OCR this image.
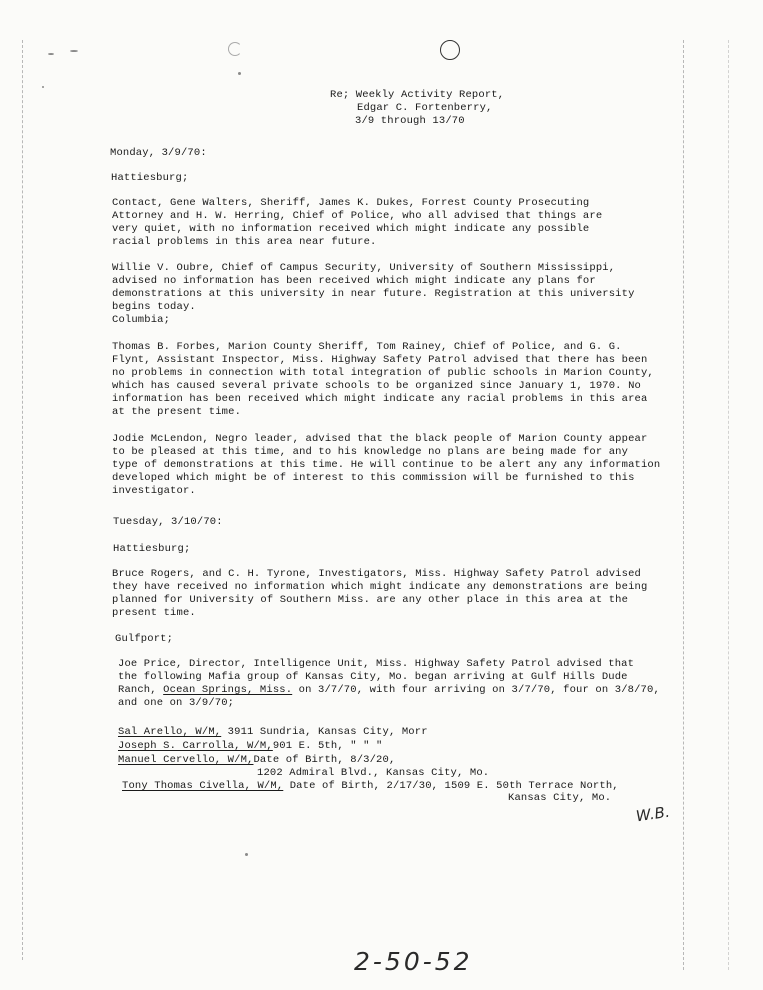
Re; Weekly Activity Report,

Edgar C. Fortenberry,

3/9 through 13/70

Monday, 3/9/70:

Hattiesburg;

Contact, Gene Walters, Sheriff, James K. Dukes, Forrest County Prosecuting
Attorney and H. W. Herring, Chief of Police, who all advised that things are
very quiet, with no information received which might indicate any possible
racial problems in this area near future.
Willie V. Oubre, Chief of Campus Security, University of Southern Mississippi,
advised no information has been received which might indicate any plans for
demonstrations at this university in near future. Registration at this university
begins today.
Columbia;
Thomas B. Forbes, Marion County Sheriff, Tom Rainey, Chief of Police, and G. G.
Flynt, Assistant Inspector, Miss. Highway Safety Patrol advised that there has been
no problems in connection with total integration of public schools in Marion County,
which has caused several private schools to be organized since January 1, 1970. No
information has been received which might indicate any racial problems in this area
at the present time.
Jodie McLendon, Negro leader, advised that the black people of Marion County appear
to be pleased at this time, and to his knowledge no plans are being made for any
type of demonstrations at this time. He will continue to be alert any any information
developed which might be of interest to this commission will be furnished to this
investigator.

Tuesday, 3/10/70:

Hattiesburg;

Bruce Rogers, and C. H. Tyrone, Investigators, Miss. Highway Safety Patrol advised
they have received no information which might indicate any demonstrations are being
planned for University of Southern Miss. are any other place in this area at the
present time.

Gulfport;

Joe Price, Director, Intelligence Unit, Miss. Highway Safety Patrol advised that
the following Mafia group of Kansas City, Mo. began arriving at Gulf Hills Dude
Ranch, Ocean Springs, Miss. on 3/7/70, with four arriving on 3/7/70, four on 3/8/70,
and one on 3/9/70;

Sal Arello, W/M, 3911 Sundria, Kansas City, Morr

Joseph S. Carrolla, W/M,901 E. 5th, " " "

Manuel Cervello, W/M,Date of Birth, 8/3/20,

1202 Admiral Blvd., Kansas City, Mo.

Tony Thomas Civella, W/M, Date of Birth, 2/17/30, 1509 E. 50th Terrace North,

Kansas City, Mo.

W.B.
2-50-52
